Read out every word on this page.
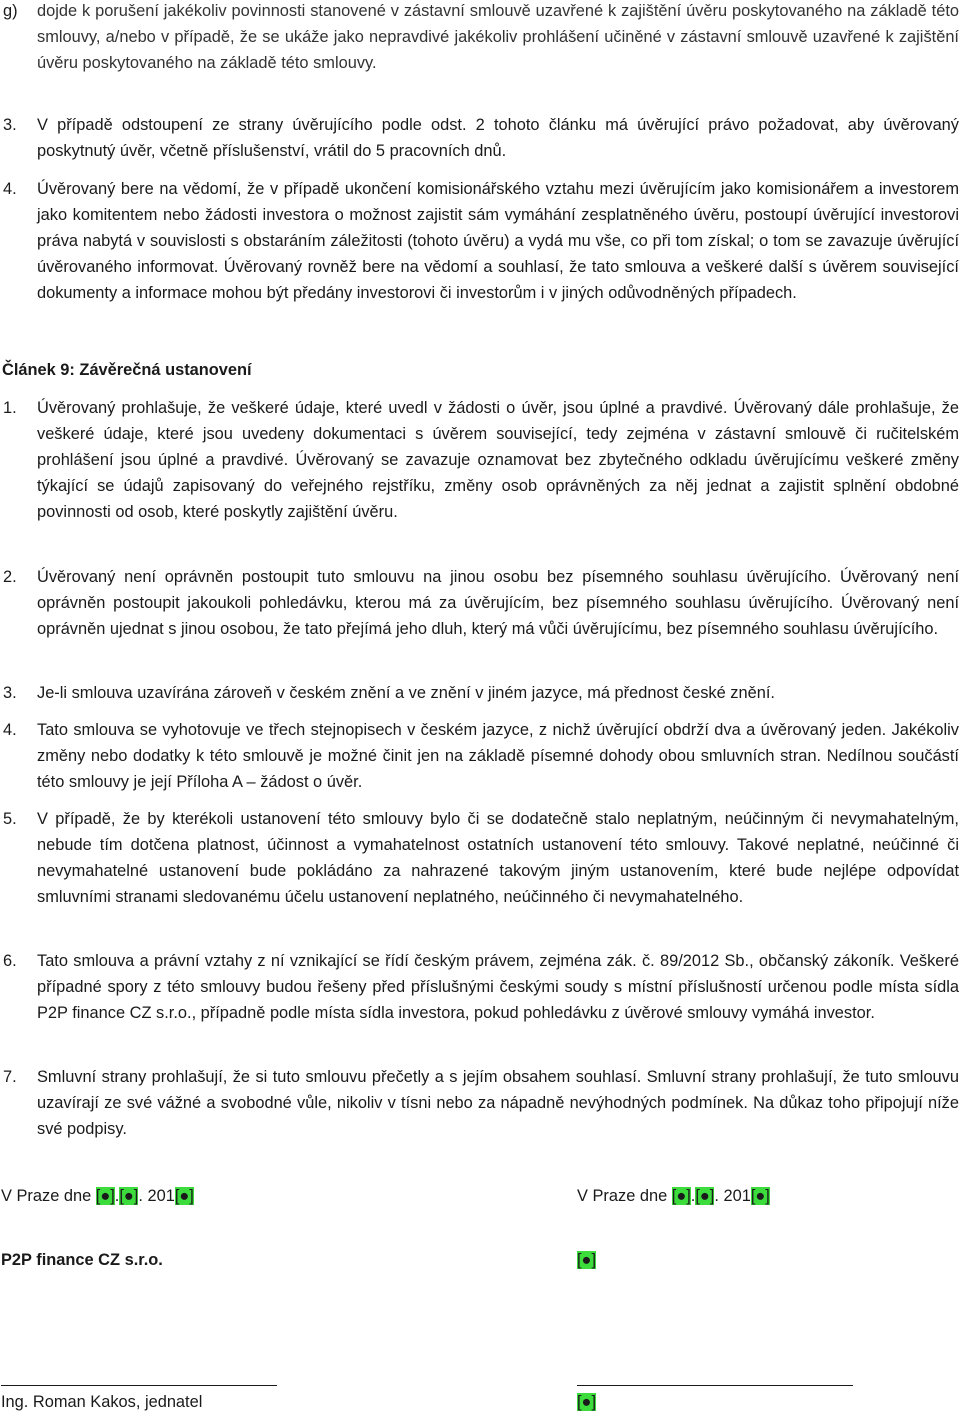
g)	dojde k porušení jakékoliv povinnosti stanovené v zástavní smlouvě uzavřené k zajištění úvěru poskytovaného na základě této smlouvy, a/nebo v případě, že se ukáže jako nepravdivé jakékoliv prohlášení učiněné v zástavní smlouvě uzavřené k zajištění úvěru poskytovaného na základě této smlouvy.
3.	V případě odstoupení ze strany úvěrujícího podle odst. 2 tohoto článku má úvěrující právo požadovat, aby úvěrovaný poskytnutý úvěr, včetně příslušenství, vrátil do 5 pracovních dnů.
4.	Úvěrovaný bere na vědomí, že v případě ukončení komisionářského vztahu mezi úvěrujícím jako komisionářem a investorem jako komitentem nebo žádosti investora o možnost zajistit sám vymáhání zesplatněného úvěru, postoupí úvěrující investorovi práva nabytá v souvislosti s obstaráním záležitosti (tohoto úvěru) a vydá mu vše, co při tom získal; o tom se zavazuje úvěrující úvěrovaného informovat. Úvěrovaný rovněž bere na vědomí a souhlasí, že tato smlouva a veškeré další s úvěrem související dokumenty a informace mohou být předány investorovi či investorům i v jiných odůvodněných případech.
Článek 9: Závěrečná ustanovení
1.	Úvěrovaný prohlašuje, že veškeré údaje, které uvedl v žádosti o úvěr, jsou úplné a pravdivé. Úvěrovaný dále prohlašuje, že veškeré údaje, které jsou uvedeny dokumentaci s úvěrem související, tedy zejména v zástavní smlouvě či ručitelském prohlášení jsou úplné a pravdivé. Úvěrovaný se zavazuje oznamovat bez zbytečného odkladu úvěrujícímu veškeré změny týkající se údajů zapisovaný do veřejného rejstříku, změny osob oprávněných za něj jednat a zajistit splnění obdobné povinnosti od osob, které poskytly zajištění úvěru.
2.	Úvěrovaný není oprávněn postoupit tuto smlouvu na jinou osobu bez písemného souhlasu úvěrujícího. Úvěrovaný není oprávněn postoupit jakoukoli pohledávku, kterou má za úvěrujícím, bez písemného souhlasu úvěrujícího. Úvěrovaný není oprávněn ujednat s jinou osobou, že tato přejímá jeho dluh, který má vůči úvěrujícímu, bez písemného souhlasu úvěrujícího.
3.	Je-li smlouva uzavírána zároveň v českém znění a ve znění v jiném jazyce, má přednost české znění.
4.	Tato smlouva se vyhotovuje ve třech stejnopisech v českém jazyce, z nichž úvěrující obdrží dva a úvěrovaný jeden. Jakékoliv změny nebo dodatky k této smlouvě je možné činit jen na základě písemné dohody obou smluvních stran. Nedílnou součástí této smlouvy je její Příloha A – žádost o úvěr.
5.	V případě, že by kterékoli ustanovení této smlouvy bylo či se dodatečně stalo neplatným, neúčinným či nevymahatelným, nebude tím dotčena platnost, účinnost a vymahatelnost ostatních ustanovení této smlouvy. Takové neplatné, neúčinné či nevymahatelné ustanovení bude pokládáno za nahrazené takovým jiným ustanovením, které bude nejlépe odpovídat smluvními stranami sledovanému účelu ustanovení neplatného, neúčinného či nevymahatelného.
6.	Tato smlouva a právní vztahy z ní vznikající se řídí českým právem, zejména zák. č. 89/2012 Sb., občanský zákoník. Veškeré případné spory z této smlouvy budou řešeny před příslušnými českými soudy s místní příslušností určenou podle místa sídla P2P finance CZ s.r.o., případně podle místa sídla investora, pokud pohledávku z úvěrové smlouvy vymáhá investor.
7.	Smluvní strany prohlašují, že si tuto smlouvu přečetly a s jejím obsahem souhlasí. Smluvní strany prohlašují, že tuto smlouvu uzavírají ze své vážné a svobodné vůle, nikoliv v tísni nebo za nápadně nevýhodných podmínek. Na důkaz toho připojují níže své podpisy.
V Praze dne [●].[●]. 201[●]	V Praze dne [●].[●]. 201[●]
P2P finance CZ s.r.o.	[●]
Ing. Roman Kakos, jednatel	[●]
